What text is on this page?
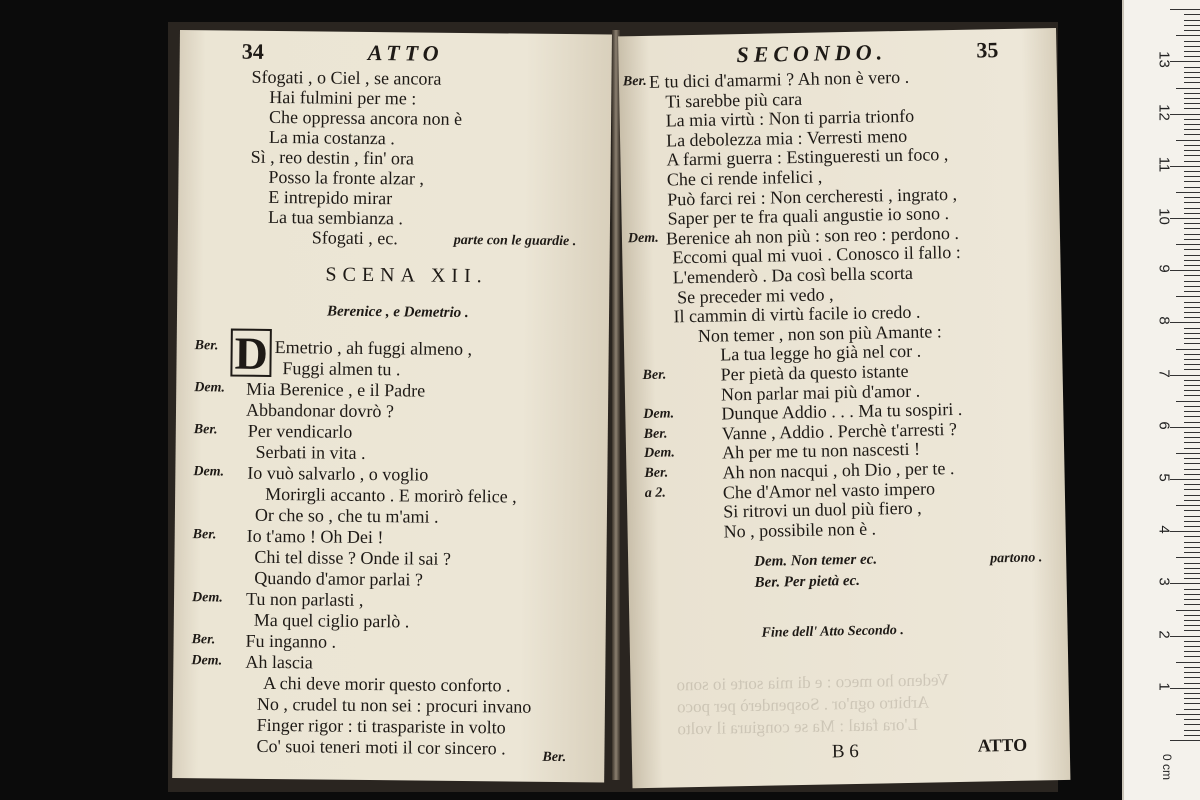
34	ATTO
Sfogati , o Ciel , se ancora
Hai fulmini per me :
Che oppressa ancora non è
La mia costanza .
Sì , reo destin , fin' ora
Posso la fronte alzar ,
E intrepido mirar
La tua sembianza .
Sfogati , ec.	parte con le guardie .
SCENA XII.
Berenice , e Demetrio .
D
Ber.	Emetrio , ah fuggi almeno ,
Fuggi almen tu .
Dem. Mia Berenice , e il Padre
Abbandonar dovrò ?
Ber. Per vendicarlo
Serbati in vita .
Dem. Io vuò salvarlo , o voglio
Morirgli accanto . E morirò felice ,
Or che so , che tu m'ami .
Ber. Io t'amo ! Oh Dei !
Chi tel disse ? Onde il sai ?
Quando d'amor parlai ?
Dem. Tu non parlasti ,
Ma quel ciglio parlò .
Ber. Fu inganno .
Dem. Ah lascia
A chi deve morir questo conforto .
No , crudel tu non sei : procuri invano
Finger rigor : ti traspariste in volto
Co' suoi teneri moti il cor sincero .	Ber.
SECONDO.	35
Ber. E tu dici d'amarmi ? Ah non è vero .
Ti sarebbe più cara
La mia virtù : Non ti parria trionfo
La debolezza mia : Verresti meno
A farmi guerra : Estingueresti un foco ,
Che ci rende infelici ,
Può farci rei : Non cercheresti , ingrato ,
Saper per te fra quali angustie io sono .
Dem. Berenice ah non più : son reo : perdono .
Eccomi qual mi vuoi . Conosco il fallo :
L'emenderò . Da così bella scorta
Se preceder mi vedo ,
Il cammin di virtù facile io credo .
Non temer , non son più Amante :
La tua legge ho già nel cor .
Ber.	Per pietà da questo istante
Non parlar mai più d'amor .
Dem.	Dunque Addio . . . Ma tu sospiri .
Ber.	Vanne , Addio . Perchè t'arresti ?
Dem.	Ah per me tu non nascesti !
Ber.	Ah non nacqui , oh Dio , per te .
a 2.	Che d'Amor nel vasto impero
Si ritrovi un duol più fiero ,
No , possibile non è .
Dem. Non temer ec.
Ber. Per pietà ec.
partono .
Fine dell' Atto Secondo .
Vedeno ho meco : e di mia sorte io sono
Arbitro ogn'or . Sospenderò per poco
L'ora fatal : Ma se congiura il volto
B 6	ATTO
1
2
3
4
5
6
7
8
9
10
11
12
13
0 cm
